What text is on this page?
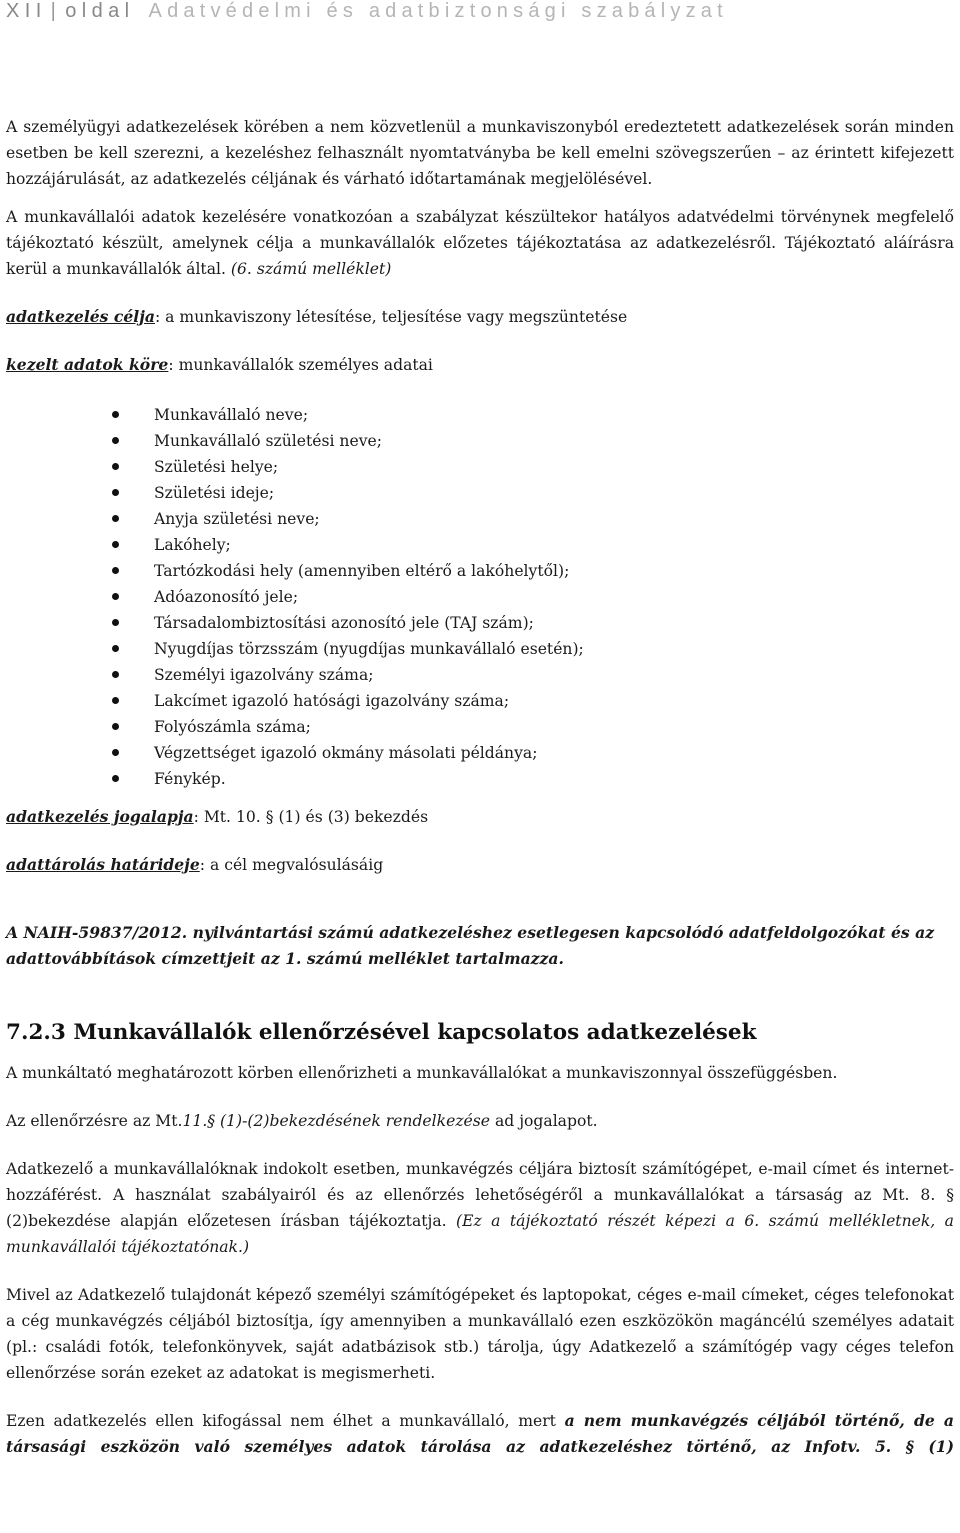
XII | oldal Adatvédelmi és adatbiztonsági szabályzat

A személyügyi adatkezelések körében a nem közvetlenül a munkaviszonyból eredeztetett adatkezelések során minden esetben be kell szerezni, a kezeléshez felhasznált nyomtatványba be kell emelni szövegszerűen – az érintett kifejezett hozzájárulását, az adatkezelés céljának és várható időtartamának megjelölésével.

A munkavállalói adatok kezelésére vonatkozóan a szabályzat készültekor hatályos adatvédelmi törvénynek megfelelő tájékoztató készült, amelynek célja a munkavállalók előzetes tájékoztatása az adatkezelésről. Tájékoztató aláírásra kerül a munkavállalók által. (6. számú melléklet)

adatkezelés célja: a munkaviszony létesítése, teljesítése vagy megszüntetése

kezelt adatok köre: munkavállalók személyes adatai

Munkavállaló neve;
Munkavállaló születési neve;
Születési helye;
Születési ideje;
Anyja születési neve;
Lakóhely;
Tartózkodási hely (amennyiben eltérő a lakóhelytől);
Adóazonosító jele;
Társadalombiztosítási azonosító jele (TAJ szám);
Nyugdíjas törzsszám (nyugdíjas munkavállaló esetén);
Személyi igazolvány száma;
Lakcímet igazoló hatósági igazolvány száma;
Folyószámla száma;
Végzettséget igazoló okmány másolati példánya;
Fénykép.

adatkezelés jogalapja: Mt. 10. § (1) és (3) bekezdés

adattárolás határideje: a cél megvalósulásáig

A NAIH-59837/2012. nyilvántartási számú adatkezeléshez esetlegesen kapcsolódó adatfeldolgozókat és az adattovábbítások címzettjeit az 1. számú melléklet tartalmazza.

7.2.3 Munkavállalók ellenőrzésével kapcsolatos adatkezelések

A munkáltató meghatározott körben ellenőrizheti a munkavállalókat a munkaviszonnyal összefüggésben.

Az ellenőrzésre az Mt.11.§ (1)-(2)bekezdésének rendelkezése ad jogalapot.

Adatkezelő a munkavállalóknak indokolt esetben, munkavégzés céljára biztosít számítógépet, e-mail címet és internet-hozzáférést. A használat szabályairól és az ellenőrzés lehetőségéről a munkavállalókat a társaság az Mt. 8. § (2)bekezdése alapján előzetesen írásban tájékoztatja. (Ez a tájékoztató részét képezi a 6. számú mellékletnek, a munkavállalói tájékoztatónak.)

Mivel az Adatkezelő tulajdonát képező személyi számítógépeket és laptopokat, céges e-mail címeket, céges telefonokat a cég munkavégzés céljából biztosítja, így amennyiben a munkavállaló ezen eszközökön magáncélú személyes adatait (pl.: családi fotók, telefonkönyvek, saját adatbázisok stb.) tárolja, úgy Adatkezelő a számítógép vagy céges telefon ellenőrzése során ezeket az adatokat is megismerheti.

Ezen adatkezelés ellen kifogással nem élhet a munkavállaló, mert a nem munkavégzés céljából történő, de a társasági eszközön való személyes adatok tárolása az adatkezeléshez történő, az Infotv. 5. § (1)
